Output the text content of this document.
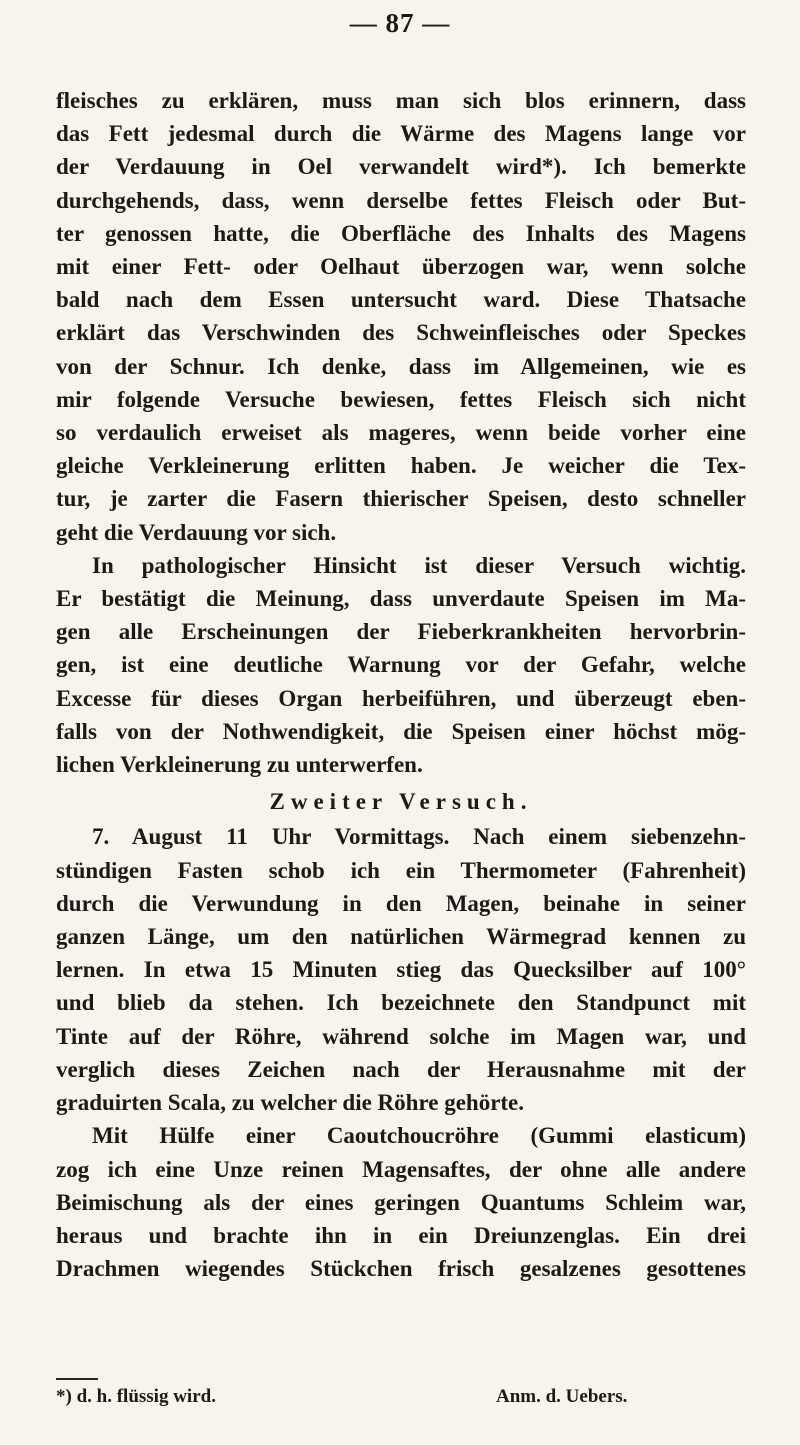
— 87 —
fleisches zu erklären, muss man sich blos erinnern, dass
das Fett jedesmal durch die Wärme des Magens lange vor
der Verdauung in Oel verwandelt wird*). Ich bemerkte
durchgehends, dass, wenn derselbe fettes Fleisch oder But-
ter genossen hatte, die Oberfläche des Inhalts des Magens
mit einer Fett- oder Oelhaut überzogen war, wenn solche
bald nach dem Essen untersucht ward. Diese Thatsache
erklärt das Verschwinden des Schweinfleisches oder Speckes
von der Schnur. Ich denke, dass im Allgemeinen, wie es
mir folgende Versuche bewiesen, fettes Fleisch sich nicht
so verdaulich erweiset als mageres, wenn beide vorher eine
gleiche Verkleinerung erlitten haben. Je weicher die Tex-
tur, je zarter die Fasern thierischer Speisen, desto schneller
geht die Verdauung vor sich.
In pathologischer Hinsicht ist dieser Versuch wichtig.
Er bestätigt die Meinung, dass unverdaute Speisen im Ma-
gen alle Erscheinungen der Fieberkrankheiten hervorbrin-
gen, ist eine deutliche Warnung vor der Gefahr, welche
Excesse für dieses Organ herbeiführen, und überzeugt eben-
falls von der Nothwendigkeit, die Speisen einer höchst mög-
lichen Verkleinerung zu unterwerfen.
Zweiter Versuch.
7. August 11 Uhr Vormittags. Nach einem siebenzehn-
stündigen Fasten schob ich ein Thermometer (Fahrenheit)
durch die Verwundung in den Magen, beinahe in seiner
ganzen Länge, um den natürlichen Wärmegrad kennen zu
lernen. In etwa 15 Minuten stieg das Quecksilber auf 100°
und blieb da stehen. Ich bezeichnete den Standpunct mit
Tinte auf der Röhre, während solche im Magen war, und
verglich dieses Zeichen nach der Herausnahme mit der
graduirten Scala, zu welcher die Röhre gehörte.
Mit Hülfe einer Caoutchoucröhre (Gummi elasticum)
zog ich eine Unze reinen Magensaftes, der ohne alle andere
Beimischung als der eines geringen Quantums Schleim war,
heraus und brachte ihn in ein Dreiunzenglas. Ein drei
Drachmen wiegendes Stückchen frisch gesalzenes gesottenes
*) d. h. flüssig wird.	Anm. d. Uebers.
